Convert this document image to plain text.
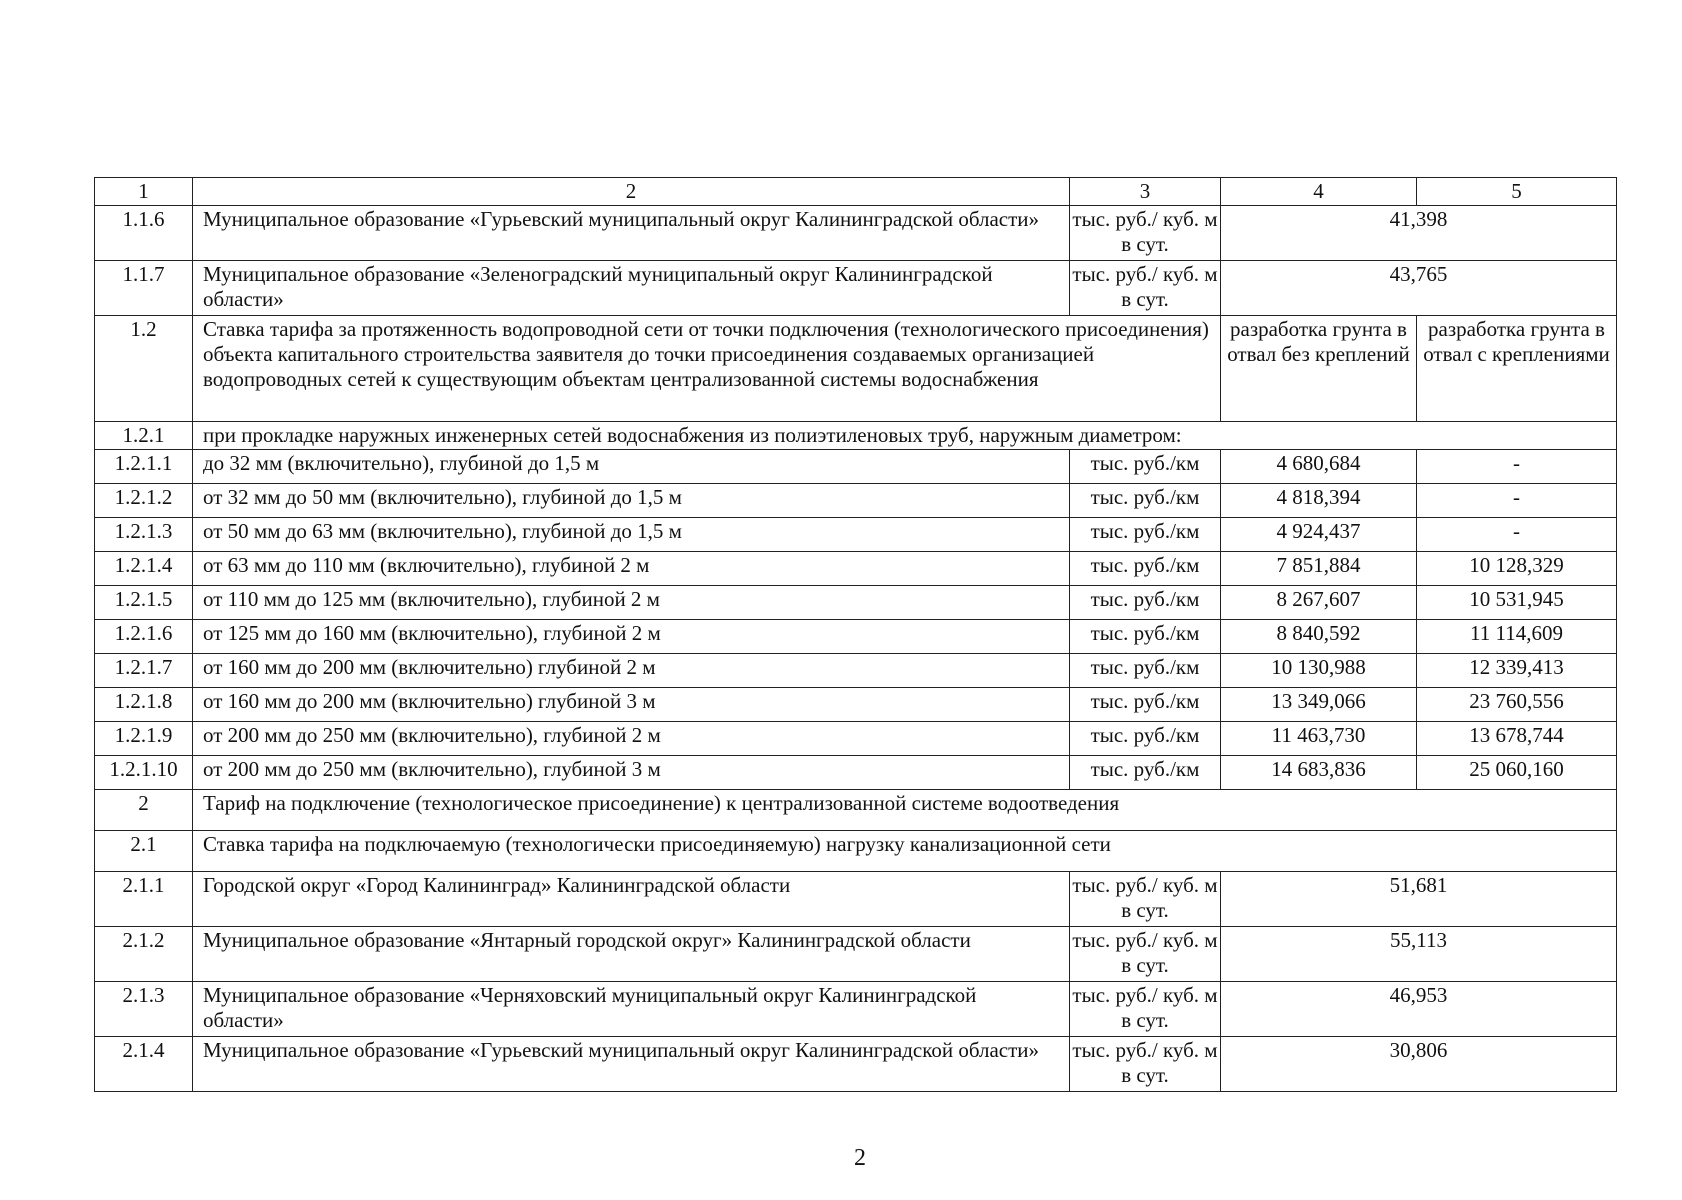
1	2	3	4	5
1.1.6	Муниципальное образование «Гурьевский муниципальный округ Калининградской области»	тыс. руб./ куб. м в сут.	41,398	
1.1.7	Муниципальное образование «Зеленоградский муниципальный округ Калининградской области»	тыс. руб./ куб. м в сут.	43,765	
1.2	Ставка тарифа за протяженность водопроводной сети от точки подключения (технологического присоединения) объекта капитального строительства заявителя до точки присоединения создаваемых организацией водопроводных сетей к существующим объектам централизованной системы водоснабжения		разработка грунта в отвал без креплений	разработка грунта в отвал с креплениями
1.2.1	при прокладке наружных инженерных сетей водоснабжения из полиэтиленовых труб, наружным диаметром:			
1.2.1.1	до 32 мм (включительно), глубиной до 1,5 м	тыс. руб./км	4 680,684	-
1.2.1.2	от 32 мм до 50 мм (включительно), глубиной до 1,5 м	тыс. руб./км	4 818,394	-
1.2.1.3	от 50 мм до 63 мм (включительно), глубиной до 1,5 м	тыс. руб./км	4 924,437	-
1.2.1.4	от 63 мм до 110 мм (включительно), глубиной 2 м	тыс. руб./км	7 851,884	10 128,329
1.2.1.5	от 110 мм до 125 мм (включительно), глубиной 2 м	тыс. руб./км	8 267,607	10 531,945
1.2.1.6	от 125 мм до 160 мм (включительно), глубиной 2 м	тыс. руб./км	8 840,592	11 114,609
1.2.1.7	от 160 мм до 200 мм (включительно) глубиной 2 м	тыс. руб./км	10 130,988	12 339,413
1.2.1.8	от 160 мм до 200 мм (включительно) глубиной 3 м	тыс. руб./км	13 349,066	23 760,556
1.2.1.9	от 200 мм до 250 мм (включительно), глубиной 2 м	тыс. руб./км	11 463,730	13 678,744
1.2.1.10	от 200 мм до 250 мм (включительно), глубиной 3 м	тыс. руб./км	14 683,836	25 060,160
2	Тариф на подключение (технологическое присоединение) к централизованной системе водоотведения			
2.1	Ставка тарифа на подключаемую (технологически присоединяемую) нагрузку канализационной сети			
2.1.1	Городской округ «Город Калининград» Калининградской области	тыс. руб./ куб. м в сут.	51,681	
2.1.2	Муниципальное образование «Янтарный городской округ» Калининградской области	тыс. руб./ куб. м в сут.	55,113	
2.1.3	Муниципальное образование «Черняховский муниципальный округ Калининградской области»	тыс. руб./ куб. м в сут.	46,953	
2.1.4	Муниципальное образование «Гурьевский муниципальный округ Калининградской области»	тыс. руб./ куб. м в сут.	30,806	
2
